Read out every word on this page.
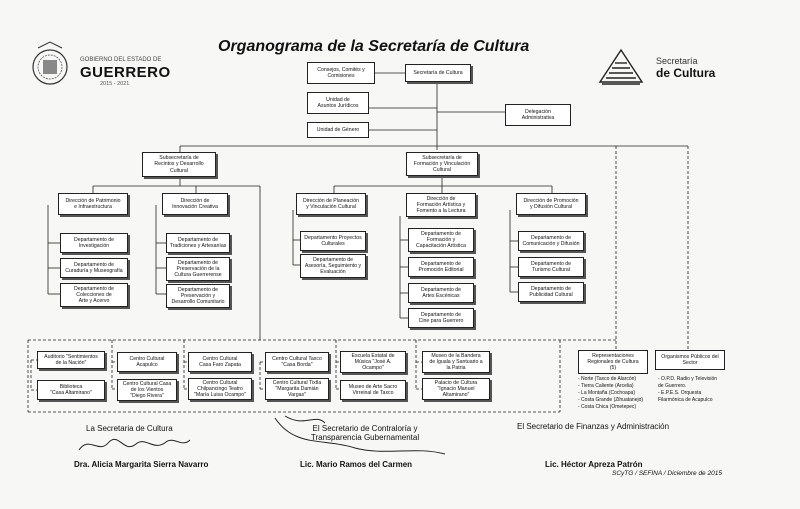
GOBIERNO DEL ESTADO DE
GUERRERO
2015 - 2021
Organograma de la Secretaría de Cultura
Secretaría
de Cultura
Consejos, Comités y
Comisiones
Secretaría de Cultura
Unidad de
Asuntos Jurídicos
Unidad de Género
Delegación
Administrativa
Subsecretaría de
Recintos y Desarrollo
Cultural
Subsecretaría de
Formación y Vinculación
Cultural
Dirección de Patrimonio
e Infraestructura
Dirección de
Innovación Creativa
Dirección de Planeación
y Vinculación Cultural
Dirección de
Formación Artística y
Fomento a la Lectura
Dirección de Promoción
y Difusión Cultural
Departamento de
Investigación
Departamento de
Curaduría y Museografía
Departamento de
Colecciones de
Arte y Acervo
Departamento de
Tradiciones y Artesanías
Departamento de
Preservación de la
Cultura Guerrerense
Departamento de
Preservación y
Desarrollo Comunitario
Departamento Proyectos
Culturales
Departamento de
Asesoría, Seguimiento y
Evaluación
Departamento de
Formación y
Capacitación Artística
Departamento de
Promoción Editorial
Departamento de
Artes Escénicas
Departamento de
Cine para Guerrero
Departamento de
Comunicación y Difusión
Departamento de
Turismo Cultural
Departamento de
Publicidad Cultural
Auditorio "Sentimientos
de la Nación"
Biblioteca
"Casa Altamirano"
Centro Cultural
Acapulco
Centro Cultural Casa
de los Vientos
"Diego Rivera"
Centro Cultural
Casa Faro Zapata
Centro Cultural
Chilpancingo Teatro
"María Luisa Ocampo"
Centro Cultural Taxco
"Casa Borda"
Centro Cultural Tixtla
"Margarita Damián
Vargas"
Escuela Estatal de
Música "José A.
Ocampo"
Museo de Arte Sacro
Virreinal de Taxco
Museo de la Bandera
de Iguala y Santuario a
la Patria
Palacio de Cultura
"Ignacio Manuel
Altamirano"
Representaciones
Regionales de Cultura
(5)
- Norte (Taxco de Alarcón)
- Tierra Caliente (Arcelia)
- La Montaña (Cochoapa)
- Costa Grande (Zihuatanejo)
- Costa Chica (Ometepec)
Organismos Públicos del
Sector
- O.P.D. Radio y Televisión
de Guerrero.
- E.P.E.S. Orquesta
Filarmónica de Acapulco
La Secretaria de Cultura
Dra. Alicia Margarita Sierra Navarro
El Secretario de Contraloría y
Transparencia Gubernamental
Lic. Mario Ramos del Carmen
El Secretario de Finanzas y Administración
Lic. Héctor Apreza Patrón
SCyTG / SEFINA / Diciembre de 2015
